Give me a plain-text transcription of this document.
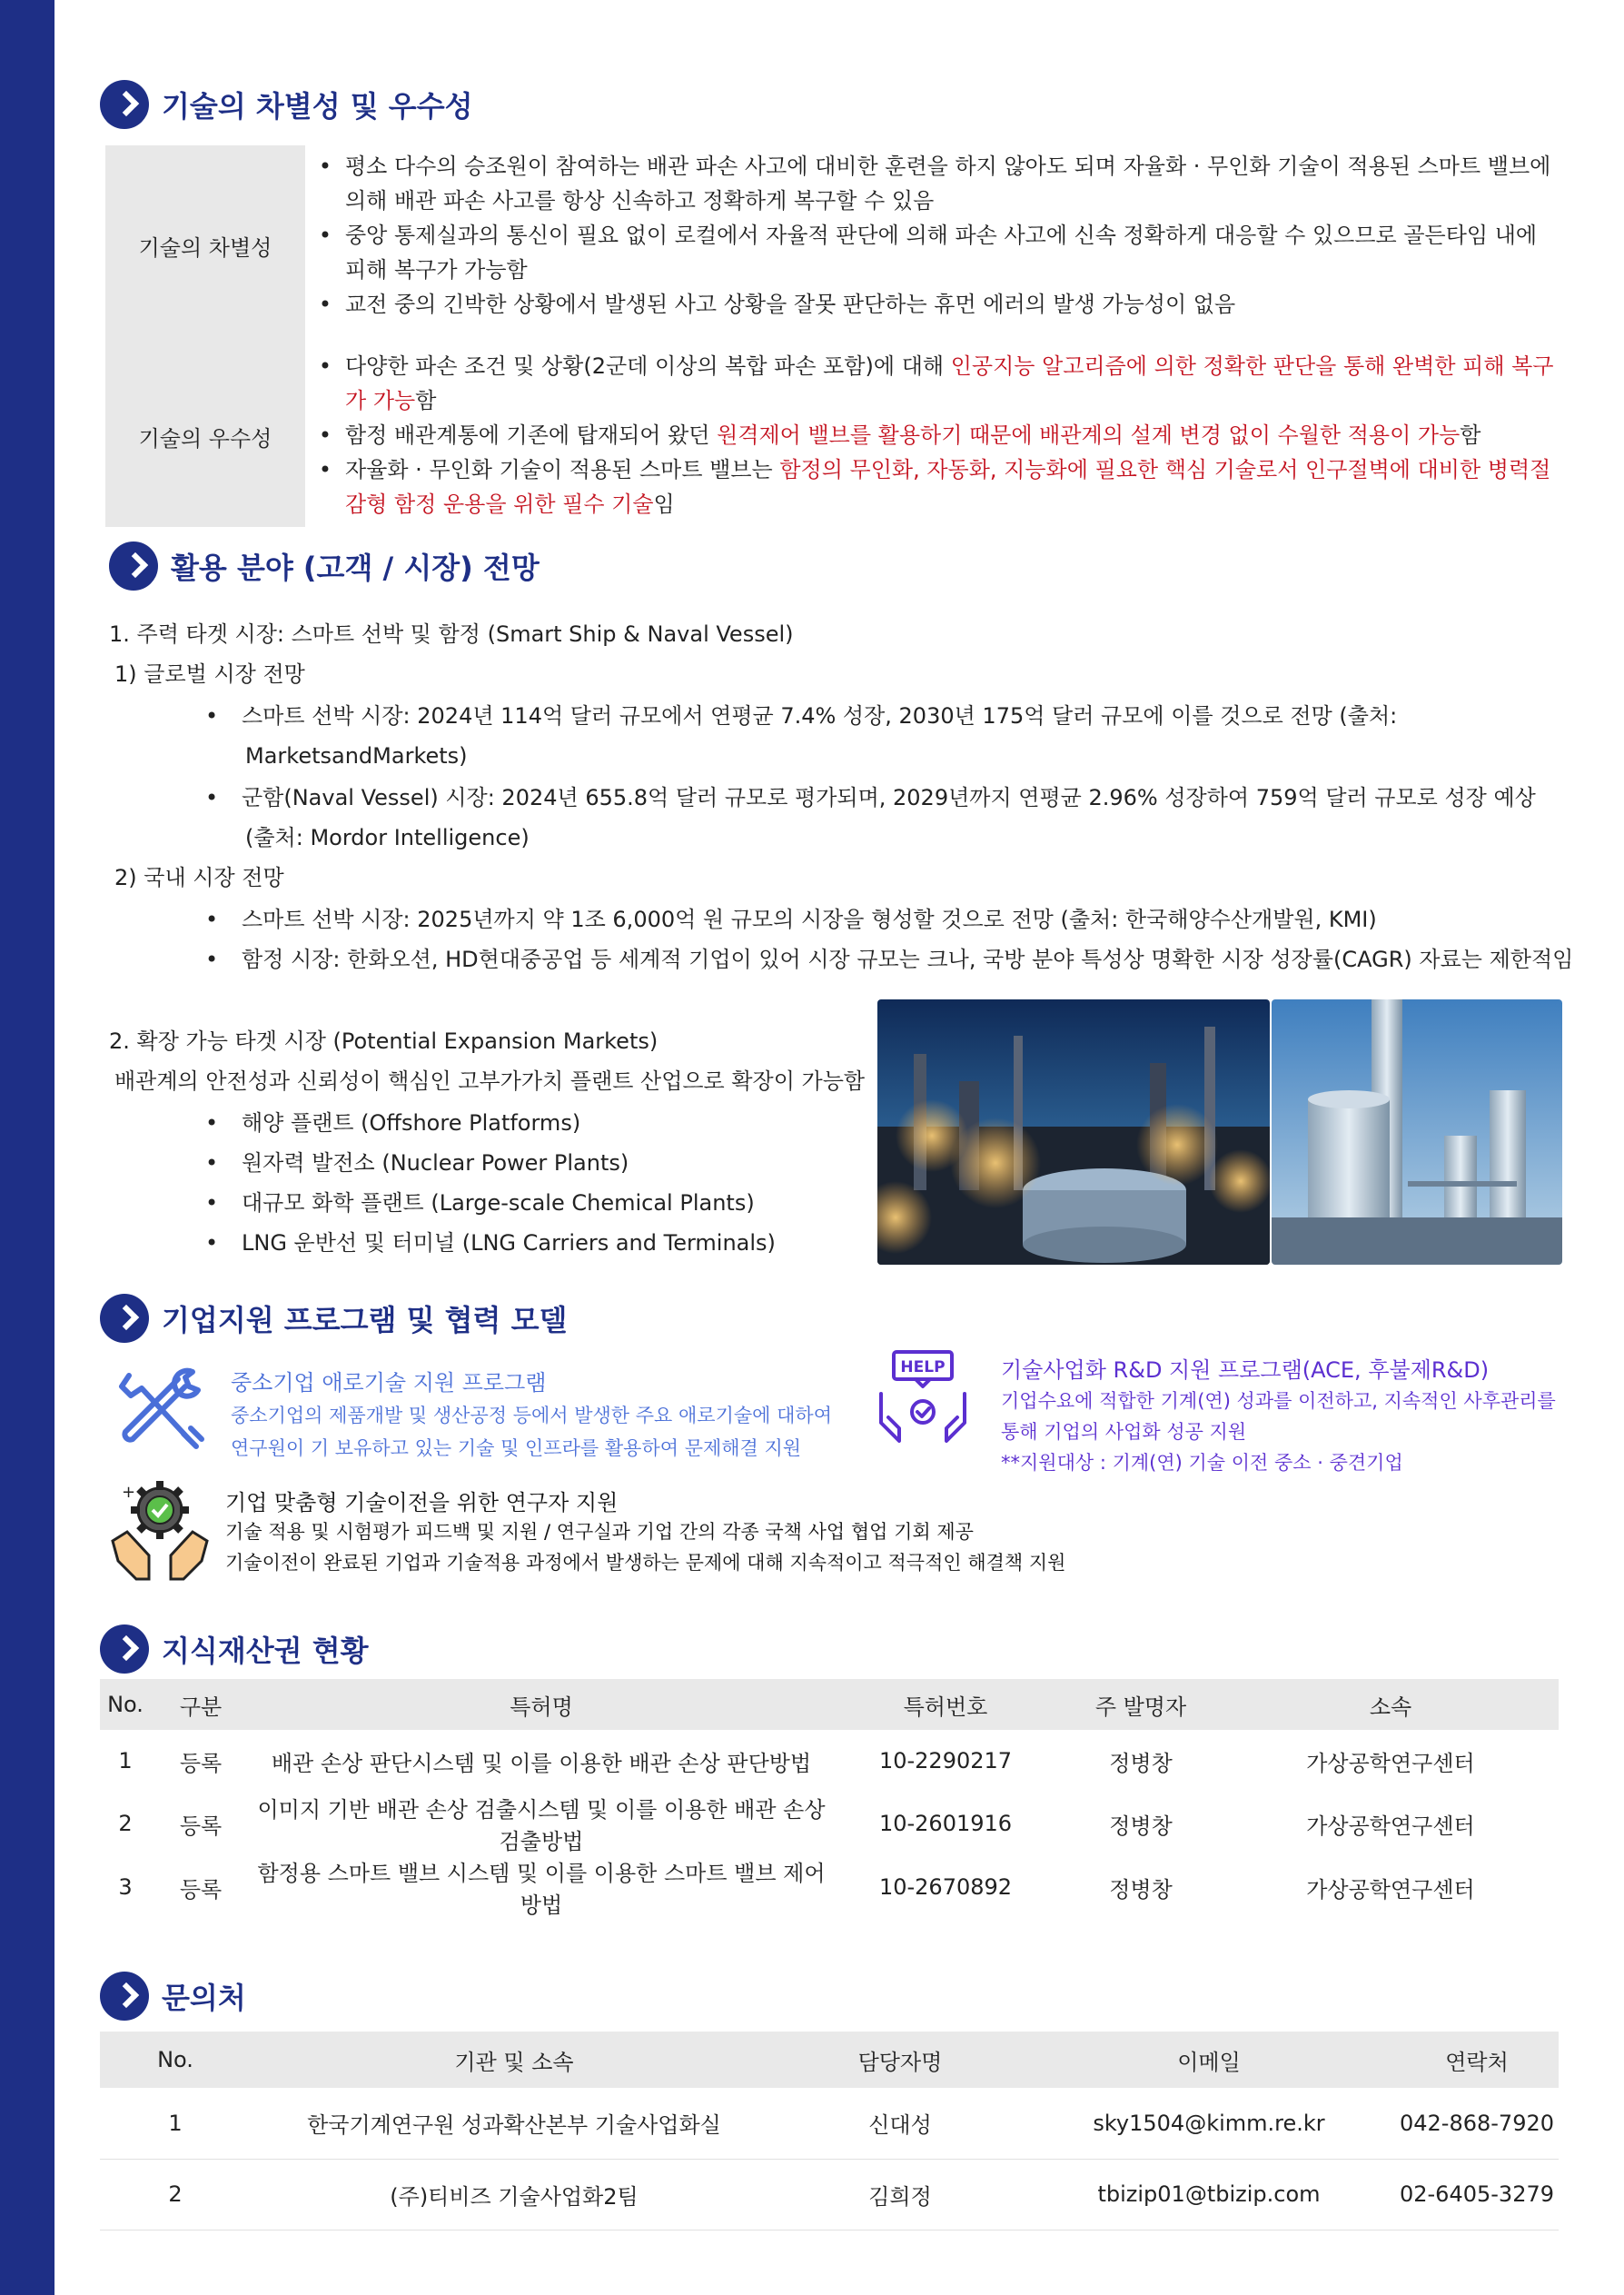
기술의 차별성 및 우수성
기술의 차별성
• 평소 다수의 승조원이 참여하는 배관 파손 사고에 대비한 훈련을 하지 않아도 되며 자율화 · 무인화 기술이 적용된 스마트 밸브에 의해 배관 파손 사고를 항상 신속하고 정확하게 복구할 수 있음
• 중앙 통제실과의 통신이 필요 없이 로컬에서 자율적 판단에 의해 파손 사고에 신속 정확하게 대응할 수 있으므로 골든타임 내에 피해 복구가 가능함
• 교전 중의 긴박한 상황에서 발생된 사고 상황을 잘못 판단하는 휴먼 에러의 발생 가능성이 없음
기술의 우수성
• 다양한 파손 조건 및 상황(2군데 이상의 복합 파손 포함)에 대해 인공지능 알고리즘에 의한 정확한 판단을 통해 완벽한 피해 복구가 가능함
• 함정 배관계통에 기존에 탑재되어 왔던 원격제어 밸브를 활용하기 때문에 배관계의 설계 변경 없이 수월한 적용이 가능함
• 자율화 · 무인화 기술이 적용된 스마트 밸브는 함정의 무인화, 자동화, 지능화에 필요한 핵심 기술로서 인구절벽에 대비한 병력절감형 함정 운용을 위한 필수 기술임
활용 분야 (고객 / 시장) 전망
1. 주력 타겟 시장: 스마트 선박 및 함정 (Smart Ship & Naval Vessel)
1) 글로벌 시장 전망
•	스마트 선박 시장: 2024년 114억 달러 규모에서 연평균 7.4% 성장, 2030년 175억 달러 규모에 이를 것으로 전망 (출처:
MarketsandMarkets)
•	군함(Naval Vessel) 시장: 2024년 655.8억 달러 규모로 평가되며, 2029년까지 연평균 2.96% 성장하여 759억 달러 규모로 성장 예상
(출처: Mordor Intelligence)
2) 국내 시장 전망
•	스마트 선박 시장: 2025년까지 약 1조 6,000억 원 규모의 시장을 형성할 것으로 전망 (출처: 한국해양수산개발원, KMI)
•	함정 시장: 한화오션, HD현대중공업 등 세계적 기업이 있어 시장 규모는 크나, 국방 분야 특성상 명확한 시장 성장률(CAGR) 자료는 제한적임
2. 확장 가능 타겟 시장 (Potential Expansion Markets)
배관계의 안전성과 신뢰성이 핵심인 고부가가치 플랜트 산업으로 확장이 가능함
•	해양 플랜트 (Offshore Platforms)
•	원자력 발전소 (Nuclear Power Plants)
•	대규모 화학 플랜트 (Large-scale Chemical Plants)
•	LNG 운반선 및 터미널 (LNG Carriers and Terminals)
기업지원 프로그램 및 협력 모델
중소기업 애로기술 지원 프로그램
중소기업의 제품개발 및 생산공정 등에서 발생한 주요 애로기술에 대하여
연구원이 기 보유하고 있는 기술 및 인프라를 활용하여 문제해결 지원
HELP	기술사업화 R&D 지원 프로그램(ACE, 후불제R&D)
기업수요에 적합한 기계(연) 성과를 이전하고, 지속적인 사후관리를
통해 기업의 사업화 성공 지원
**지원대상 : 기계(연) 기술 이전 중소 · 중견기업
+	기업 맞춤형 기술이전을 위한 연구자 지원
기술 적용 및 시험평가 피드백 및 지원 / 연구실과 기업 간의 각종 국책 사업 협업 기회 제공
기술이전이 완료된 기업과 기술적용 과정에서 발생하는 문제에 대해 지속적이고 적극적인 해결책 지원
지식재산권 현황
No.	구분	특허명	특허번호	주 발명자	소속
1	등록	배관 손상 판단시스템 및 이를 이용한 배관 손상 판단방법	10-2290217	정병창	가상공학연구센터
2	등록	이미지 기반 배관 손상 검출시스템 및 이를 이용한 배관 손상 검출방법	10-2601916	정병창	가상공학연구센터
3	등록	함정용 스마트 밸브 시스템 및 이를 이용한 스마트 밸브 제어방법	10-2670892	정병창	가상공학연구센터
문의처
No.	기관 및 소속	담당자명	이메일	연락처
1	한국기계연구원 성과확산본부 기술사업화실	신대성	sky1504@kimm.re.kr	042-868-7920
2	(주)티비즈 기술사업화2팀	김희정	tbizip01@tbizip.com	02-6405-3279
